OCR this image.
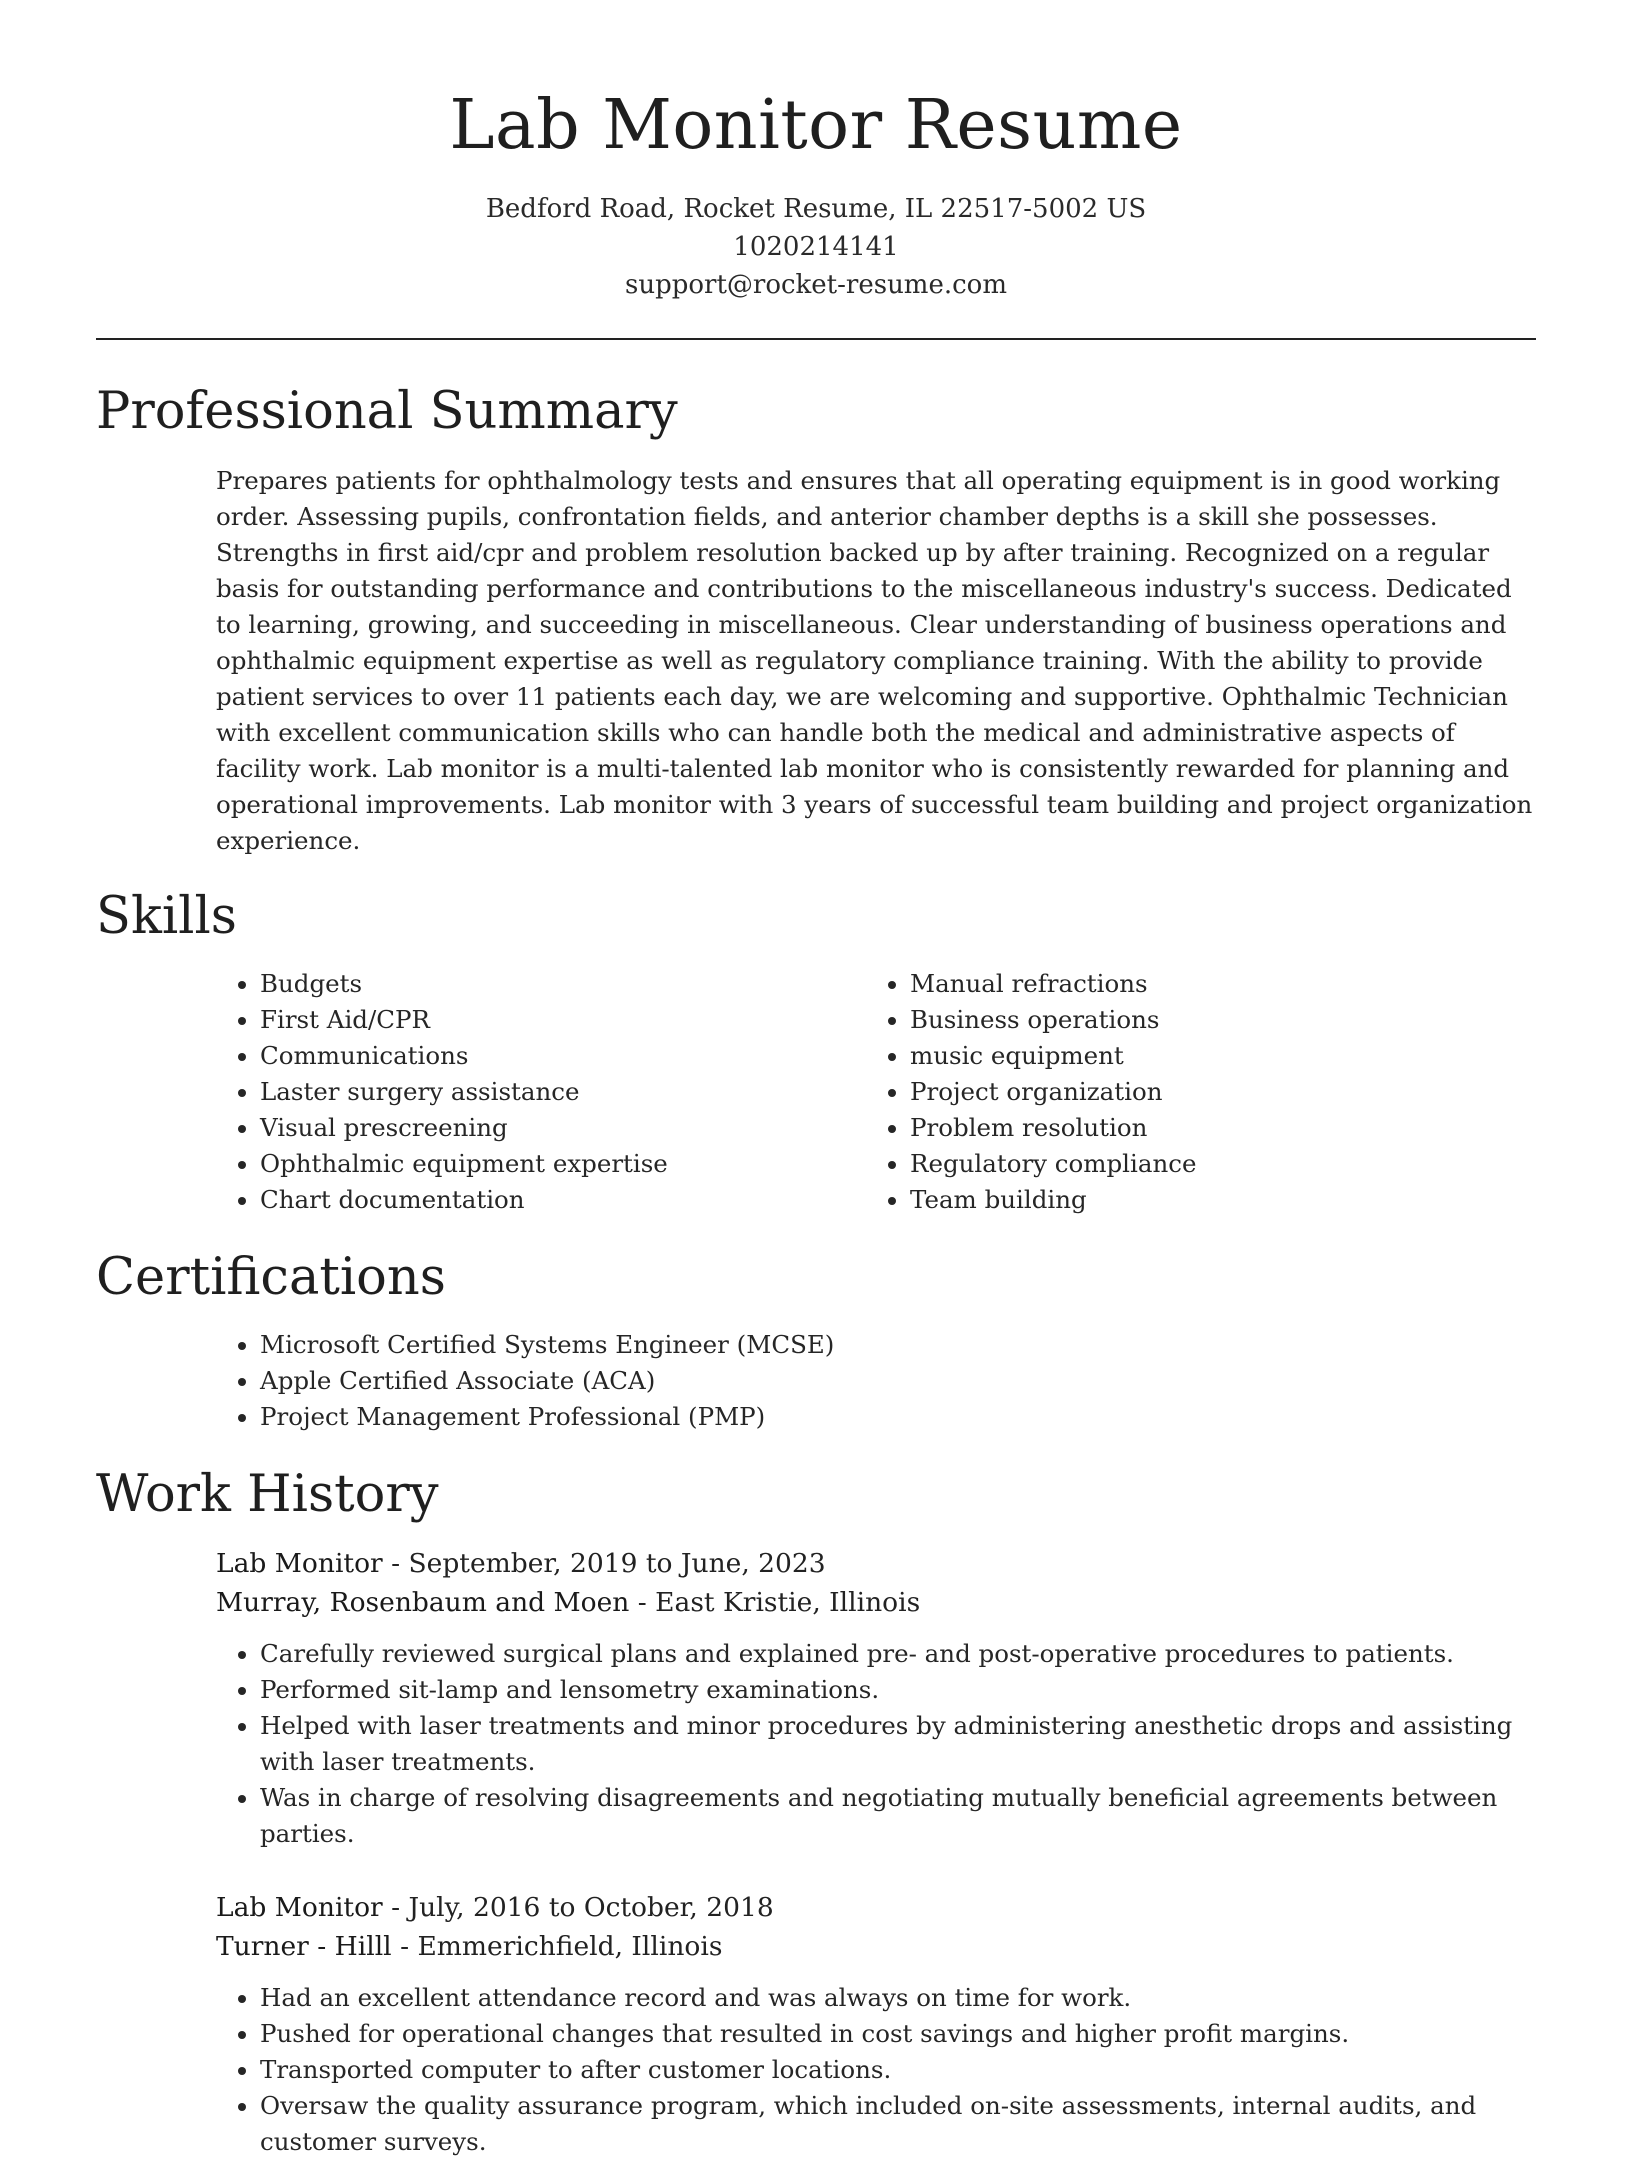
Lab Monitor Resume
Bedford Road, Rocket Resume, IL 22517-5002 US
1020214141
support@rocket-resume.com
Professional Summary

Prepares patients for ophthalmology tests and ensures that all operating equipment is in good working order. Assessing pupils, confrontation fields, and anterior chamber depths is a skill she possesses. Strengths in first aid/cpr and problem resolution backed up by after training. Recognized on a regular basis for outstanding performance and contributions to the miscellaneous industry's success. Dedicated to learning, growing, and succeeding in miscellaneous. Clear understanding of business operations and ophthalmic equipment expertise as well as regulatory compliance training. With the ability to provide patient services to over 11 patients each day, we are welcoming and supportive. Ophthalmic Technician with excellent communication skills who can handle both the medical and administrative aspects of facility work. Lab monitor is a multi-talented lab monitor who is consistently rewarded for planning and operational improvements. Lab monitor with 3 years of successful team building and project organization experience.

Skills
• Budgets
• First Aid/CPR
• Communications
• Laster surgery assistance
• Visual prescreening
• Ophthalmic equipment expertise
• Chart documentation
• Manual refractions
• Business operations
• music equipment
• Project organization
• Problem resolution
• Regulatory compliance
• Team building
Certifications
• Microsoft Certified Systems Engineer (MCSE)
• Apple Certified Associate (ACA)
• Project Management Professional (PMP)
Work History
Lab Monitor - September, 2019 to June, 2023
Murray, Rosenbaum and Moen - East Kristie, Illinois
• Carefully reviewed surgical plans and explained pre- and post-operative procedures to patients.
• Performed sit-lamp and lensometry examinations.
• Helped with laser treatments and minor procedures by administering anesthetic drops and assisting with laser treatments.
• Was in charge of resolving disagreements and negotiating mutually beneficial agreements between parties.
Lab Monitor - July, 2016 to October, 2018
Turner - Hilll - Emmerichfield, Illinois
• Had an excellent attendance record and was always on time for work.
• Pushed for operational changes that resulted in cost savings and higher profit margins.
• Transported computer to after customer locations.
• Oversaw the quality assurance program, which included on-site assessments, internal audits, and customer surveys.
